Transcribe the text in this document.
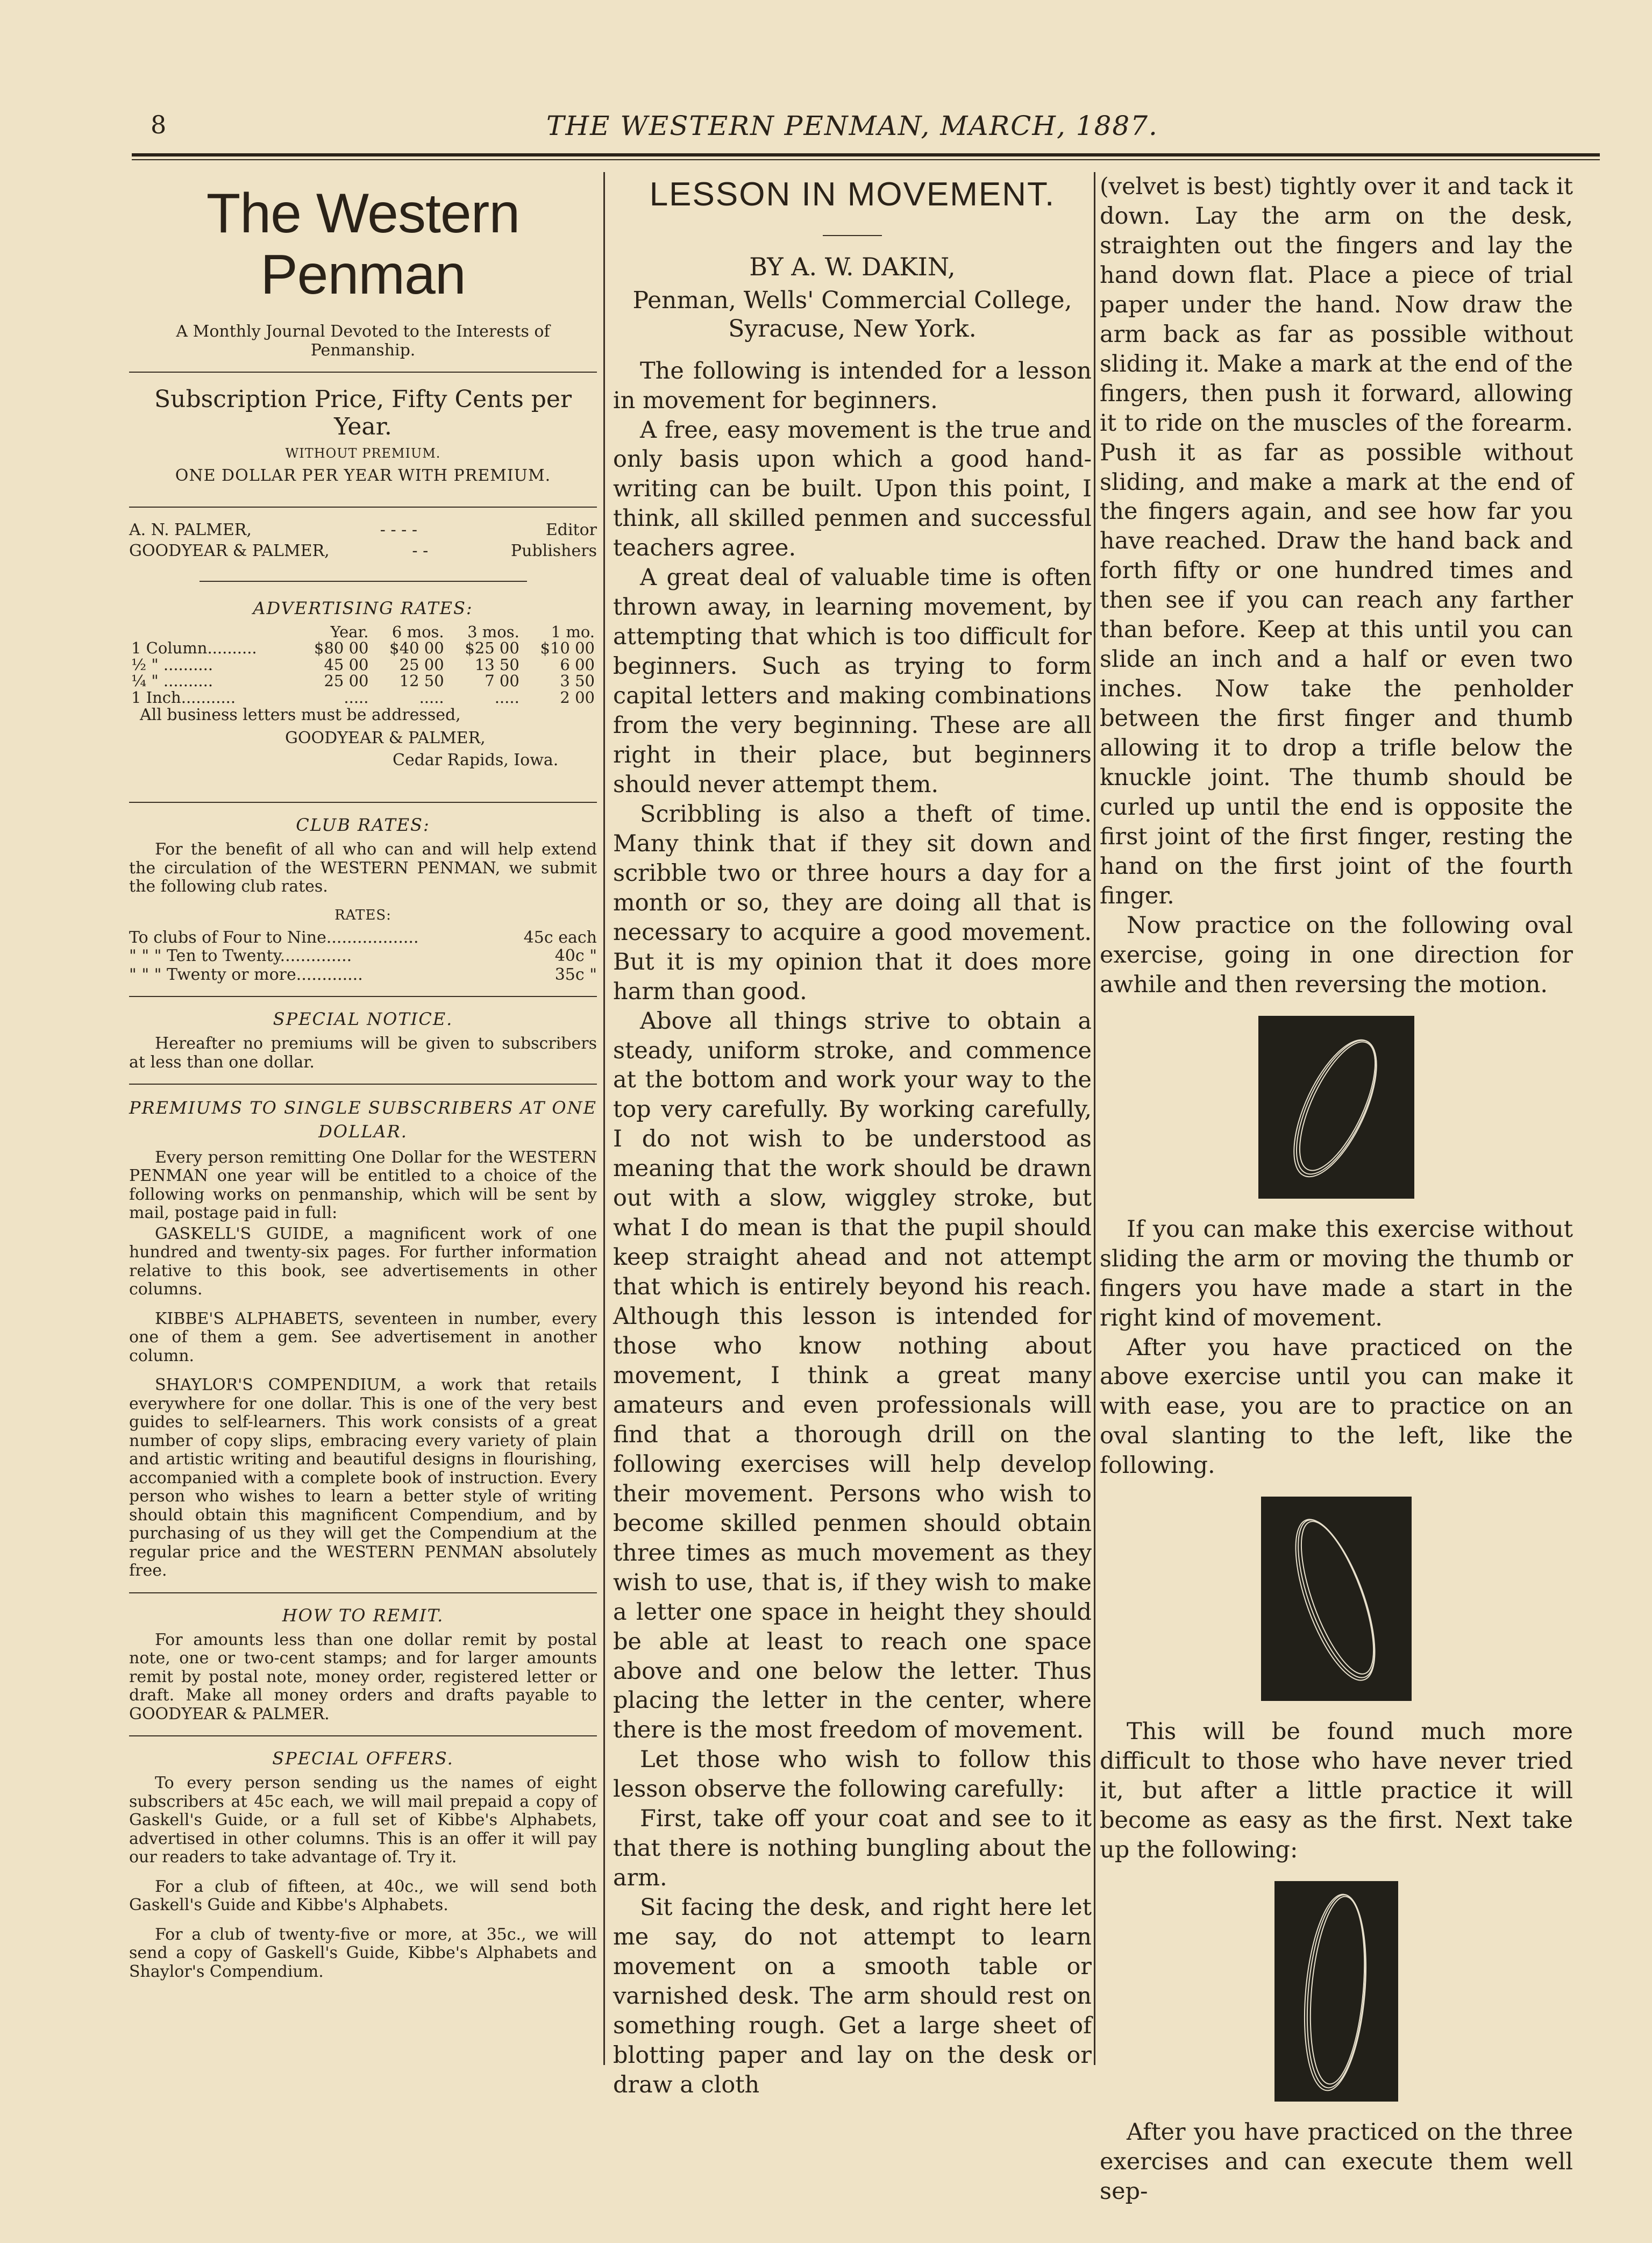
8	THE WESTERN PENMAN, MARCH, 1887.
The Western Penman
A Monthly Journal Devoted to the Interests of Penmanship.
Subscription Price, Fifty Cents per Year.
WITHOUT PREMIUM.
ONE DOLLAR PER YEAR WITH PREMIUM.
A. N. PALMER,	- - - -	Editor
GOODYEAR & PALMER,	- -	Publishers
ADVERTISING RATES:
	Year.	6 mos.	3 mos.	1 mo.
1 Column..........	$80 00	$40 00	$25 00	$10 00
½ " ..........	45 00	25 00	13 50	6 00
¼ " ..........	25 00	12 50	7 00	3 50
1 Inch...........	.....	.....	.....	2 00
All business letters must be addressed,
GOODYEAR & PALMER,
Cedar Rapids, Iowa.
CLUB RATES:
For the benefit of all who can and will help extend the circulation of the WESTERN PENMAN, we submit the following club rates.
RATES:
To clubs of Four to Nine..................	45c each
" " " Ten to Twenty..............	40c "
" " " Twenty or more.............	35c "
SPECIAL NOTICE.
Hereafter no premiums will be given to subscribers at less than one dollar.
PREMIUMS TO SINGLE SUBSCRIBERS AT ONE DOLLAR.
Every person remitting One Dollar for the WESTERN PENMAN one year will be entitled to a choice of the following works on penmanship, which will be sent by mail, postage paid in full:
GASKELL'S GUIDE, a magnificent work of one hundred and twenty-six pages. For further information relative to this book, see advertisements in other columns.
KIBBE'S ALPHABETS, seventeen in number, every one of them a gem. See advertisement in another column.
SHAYLOR'S COMPENDIUM, a work that retails everywhere for one dollar. This is one of the very best guides to self-learners. This work consists of a great number of copy slips, embracing every variety of plain and artistic writing and beautiful designs in flourishing, accompanied with a complete book of instruction. Every person who wishes to learn a better style of writing should obtain this magnificent Compendium, and by purchasing of us they will get the Compendium at the regular price and the WESTERN PENMAN absolutely free.
HOW TO REMIT.
For amounts less than one dollar remit by postal note, one or two-cent stamps; and for larger amounts remit by postal note, money order, registered letter or draft. Make all money orders and drafts payable to GOODYEAR & PALMER.
SPECIAL OFFERS.
To every person sending us the names of eight subscribers at 45c each, we will mail prepaid a copy of Gaskell's Guide, or a full set of Kibbe's Alphabets, advertised in other columns. This is an offer it will pay our readers to take advantage of. Try it.
For a club of fifteen, at 40c., we will send both Gaskell's Guide and Kibbe's Alphabets.
For a club of twenty-five or more, at 35c., we will send a copy of Gaskell's Guide, Kibbe's Alphabets and Shaylor's Compendium.
LESSON IN MOVEMENT.
BY A. W. DAKIN,
Penman, Wells' Commercial College, Syracuse, New York.

The following is intended for a lesson in movement for beginners.

A free, easy movement is the true and only basis upon which a good hand-writing can be built. Upon this point, I think, all skilled penmen and successful teachers agree.

A great deal of valuable time is often thrown away, in learning movement, by attempting that which is too difficult for beginners. Such as trying to form capital letters and making combinations from the very beginning. These are all right in their place, but beginners should never attempt them.

Scribbling is also a theft of time. Many think that if they sit down and scribble two or three hours a day for a month or so, they are doing all that is necessary to acquire a good movement. But it is my opinion that it does more harm than good.

Above all things strive to obtain a steady, uniform stroke, and commence at the bottom and work your way to the top very carefully. By working carefully, I do not wish to be understood as meaning that the work should be drawn out with a slow, wiggley stroke, but what I do mean is that the pupil should keep straight ahead and not attempt that which is entirely beyond his reach. Although this lesson is intended for those who know nothing about movement, I think a great many amateurs and even professionals will find that a thorough drill on the following exercises will help develop their movement. Persons who wish to become skilled penmen should obtain three times as much movement as they wish to use, that is, if they wish to make a letter one space in height they should be able at least to reach one space above and one below the letter. Thus placing the letter in the center, where there is the most freedom of movement.

Let those who wish to follow this lesson observe the following carefully:

First, take off your coat and see to it that there is nothing bungling about the arm.

Sit facing the desk, and right here let me say, do not attempt to learn movement on a smooth table or varnished desk. The arm should rest on something rough. Get a large sheet of blotting paper and lay on the desk or draw a cloth

(velvet is best) tightly over it and tack it down. Lay the arm on the desk, straighten out the fingers and lay the hand down flat. Place a piece of trial paper under the hand. Now draw the arm back as far as possible without sliding it. Make a mark at the end of the fingers, then push it forward, allowing it to ride on the muscles of the forearm. Push it as far as possible without sliding, and make a mark at the end of the fingers again, and see how far you have reached. Draw the hand back and forth fifty or one hundred times and then see if you can reach any farther than before. Keep at this until you can slide an inch and a half or even two inches. Now take the penholder between the first finger and thumb allowing it to drop a trifle below the knuckle joint. The thumb should be curled up until the end is opposite the first joint of the first finger, resting the hand on the first joint of the fourth finger.

Now practice on the following oval exercise, going in one direction for awhile and then reversing the motion.

If you can make this exercise without sliding the arm or moving the thumb or fingers you have made a start in the right kind of movement.

After you have practiced on the above exercise until you can make it with ease, you are to practice on an oval slanting to the left, like the following.

This will be found much more difficult to those who have never tried it, but after a little practice it will become as easy as the first. Next take up the following:

After you have practiced on the three exercises and can execute them well sep-
